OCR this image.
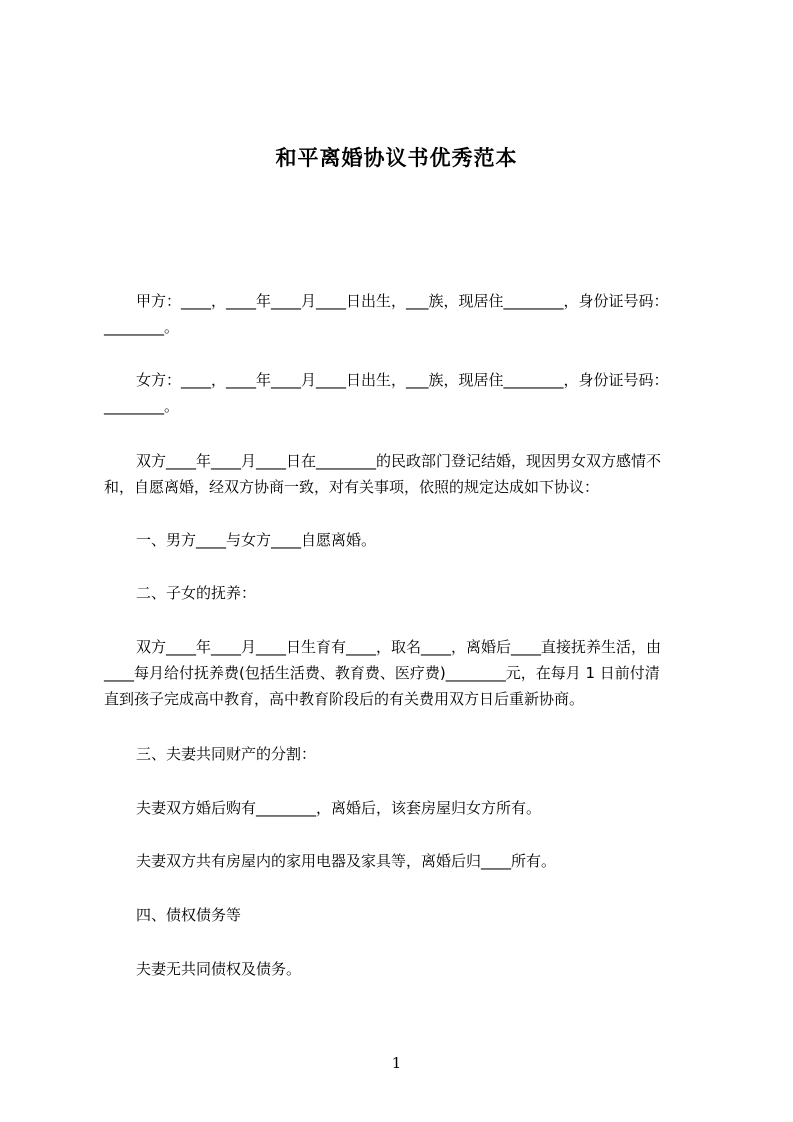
和平离婚协议书优秀范本
甲方：____，____年____月____日出生，___族，现居住________，身份证号码：
________。
女方：____，____年____月____日出生，___族，现居住________，身份证号码：
________。
双方____年____月____日在________的民政部门登记结婚，现因男女双方感情不
和，自愿离婚，经双方协商一致，对有关事项，依照的规定达成如下协议：
一、男方____与女方____自愿离婚。
二、子女的抚养：
双方____年____月____日生育有____，取名____，离婚后____直接抚养生活，由
____每月给付抚养费(包括生活费、教育费、医疗费)________元，在每月 1 日前付清
直到孩子完成高中教育，高中教育阶段后的有关费用双方日后重新协商。
三、夫妻共同财产的分割：
夫妻双方婚后购有________，离婚后，该套房屋归女方所有。
夫妻双方共有房屋内的家用电器及家具等，离婚后归____所有。
四、债权债务等
夫妻无共同债权及债务。
1
